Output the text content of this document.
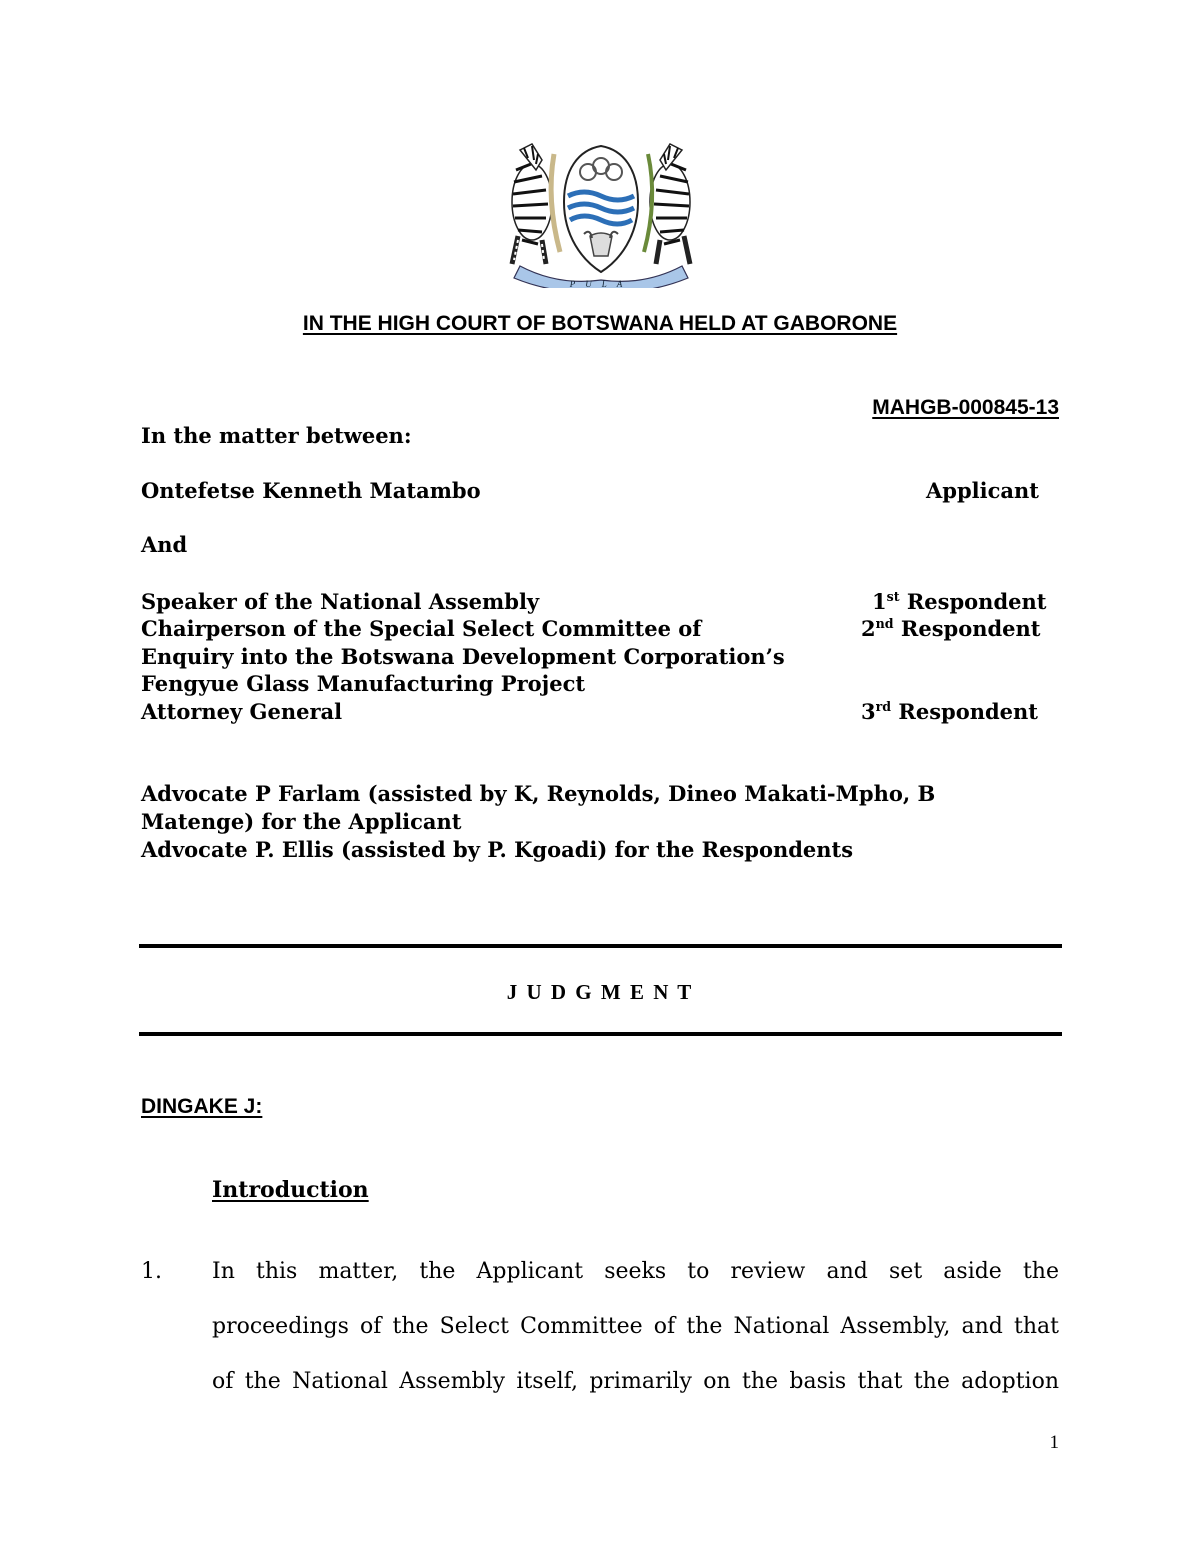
PULA
IN THE HIGH COURT OF BOTSWANA HELD AT GABORONE
MAHGB-000845-13
In the matter between:
Ontefetse Kenneth Matambo	Applicant
And
Speaker of the National Assembly	1st Respondent
Chairperson of the Special Select Committee of	2nd Respondent
Enquiry into the Botswana Development Corporation’s
Fengyue Glass Manufacturing Project
Attorney General	3rd Respondent
Advocate P Farlam (assisted by K, Reynolds, Dineo Makati-Mpho, B
Matenge) for the Applicant
Advocate P. Ellis (assisted by P. Kgoadi) for the Respondents
J U D G M E N T
DINGAKE J:
Introduction
1. In this matter, the Applicant seeks to review and set aside the
proceedings of the Select Committee of the National Assembly, and that
of the National Assembly itself, primarily on the basis that the adoption
1
